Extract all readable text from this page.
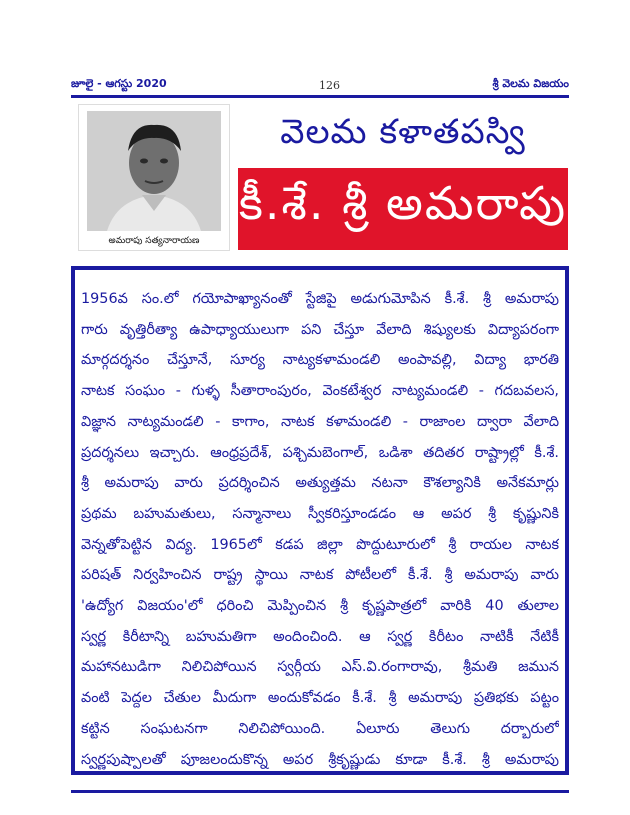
జూలై - ఆగస్టు 2020	126	శ్రీ వెలమ విజయం
అమరాపు సత్యనారాయణ
వెలమ కళాతపస్వి
కీ.శే. శ్రీ అమరాపు
1956వ సం.లో గయోపాఖ్యానంతో స్టేజిపై అడుగుమోపిన కీ.శే. శ్రీ అమరాపు
గారు వృత్తిరీత్యా ఉపాధ్యాయులుగా పని చేస్తూ వేలాది శిష్యులకు విద్యాపరంగా
మార్గదర్శనం చేస్తూనే, సూర్య నాట్యకళామండలి అంపావల్లి, విద్యా భారతి
నాటక సంఘం - గుళ్ళ సీతారాంపురం, వెంకటేశ్వర నాట్యమండలి - గదబవలస,
విజ్ఞాన నాట్యమండలి - కాగాం, నాటక కళామండలి - రాజాంల ద్వారా వేలాది
ప్రదర్శనలు ఇచ్చారు. ఆంధ్రప్రదేశ్, పశ్చిమబెంగాల్, ఒడిశా తదితర రాష్ట్రాల్లో కీ.శే.
శ్రీ అమరాపు వారు ప్రదర్శించిన అత్యుత్తమ నటనా కౌశల్యానికి అనేకమార్లు
ప్రథమ బహుమతులు, సన్మానాలు స్వీకరిస్తూండడం ఆ అపర శ్రీ కృష్ణునికి
వెన్నతోపెట్టిన విద్య. 1965లో కడప జిల్లా పొద్దుటూరులో శ్రీ రాయల నాటక
పరిషత్ నిర్వహించిన రాష్ట్ర స్థాయి నాటక పోటీలలో కీ.శే. శ్రీ అమరాపు వారు
'ఉద్యోగ విజయం'లో ధరించి మెప్పించిన శ్రీ కృష్ణపాత్రలో వారికి 40 తులాల
స్వర్ణ కిరీటాన్ని బహుమతిగా అందించింది. ఆ స్వర్ణ కిరీటం నాటికీ నేటికీ
మహానటుడిగా నిలిచిపోయిన స్వర్గీయ ఎస్.వి.రంగారావు, శ్రీమతి జమున
వంటి పెద్దల చేతుల మీదుగా అందుకోవడం కీ.శే. శ్రీ అమరాపు ప్రతిభకు పట్టం
కట్టిన సంఘటనగా నిలిచిపోయింది. ఏలూరు తెలుగు దర్బారులో
స్వర్ణపుష్పాలతో పూజలందుకొన్న అపర శ్రీకృష్ణుడు కూడా కీ.శే. శ్రీ అమరాపు
